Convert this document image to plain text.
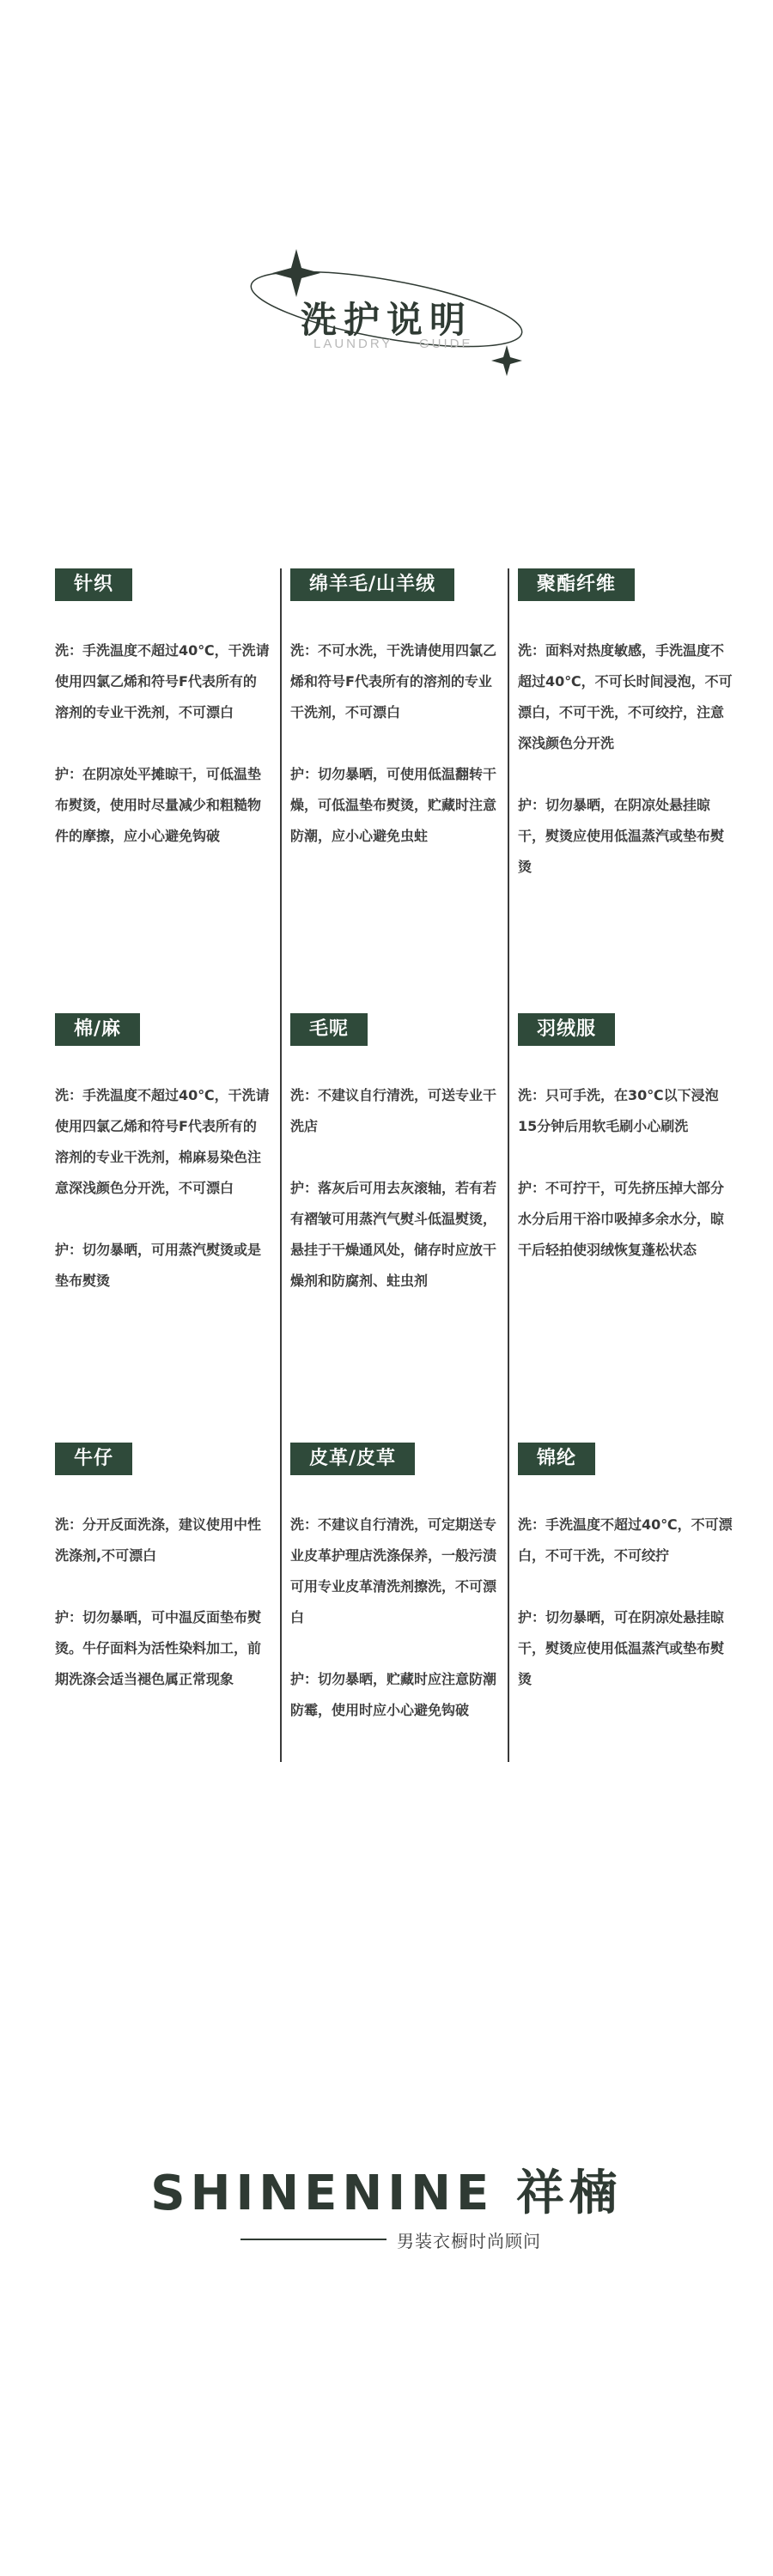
洗护说明
LAUNDRY GUIDE
针织

洗：手洗温度不超过40℃，干洗请使用四氯乙烯和符号F代表所有的溶剂的专业干洗剂，不可漂白

护：在阴凉处平摊晾干，可低温垫布熨烫，使用时尽量减少和粗糙物件的摩擦，应小心避免钩破

绵羊毛/山羊绒

洗：不可水洗，干洗请使用四氯乙烯和符号F代表所有的溶剂的专业干洗剂，不可漂白

护：切勿暴晒，可使用低温翻转干燥，可低温垫布熨烫，贮藏时注意防潮，应小心避免虫蛀

聚酯纤维

洗：面料对热度敏感，手洗温度不超过40℃，不可长时间浸泡，不可漂白，不可干洗，不可绞拧，注意深浅颜色分开洗

护：切勿暴晒，在阴凉处悬挂晾干，熨烫应使用低温蒸汽或垫布熨烫

棉/麻

洗：手洗温度不超过40℃，干洗请使用四氯乙烯和符号F代表所有的溶剂的专业干洗剂，棉麻易染色注意深浅颜色分开洗，不可漂白

护：切勿暴晒，可用蒸汽熨烫或是垫布熨烫

毛呢

洗：不建议自行清洗，可送专业干洗店

护：落灰后可用去灰滚轴，若有若有褶皱可用蒸汽气熨斗低温熨烫，悬挂于干燥通风处，储存时应放干燥剂和防腐剂、蛀虫剂

羽绒服

洗：只可手洗，在30℃以下浸泡15分钟后用软毛刷小心刷洗

护：不可拧干，可先挤压掉大部分水分后用干浴巾吸掉多余水分，晾干后轻拍使羽绒恢复蓬松状态

牛仔

洗：分开反面洗涤，建议使用中性洗涤剂,不可漂白

护：切勿暴晒，可中温反面垫布熨烫。牛仔面料为活性染料加工，前期洗涤会适当褪色属正常现象

皮革/皮草

洗：不建议自行清洗，可定期送专业皮革护理店洗涤保养，一般污渍可用专业皮革清洗剂擦洗，不可漂白

护：切勿暴晒，贮藏时应注意防潮防霉，使用时应小心避免钩破

锦纶

洗：手洗温度不超过40℃，不可漂白，不可干洗，不可绞拧

护：切勿暴晒，可在阴凉处悬挂晾干，熨烫应使用低温蒸汽或垫布熨烫

SHINENINE 祥楠
男装衣橱时尚顾问
